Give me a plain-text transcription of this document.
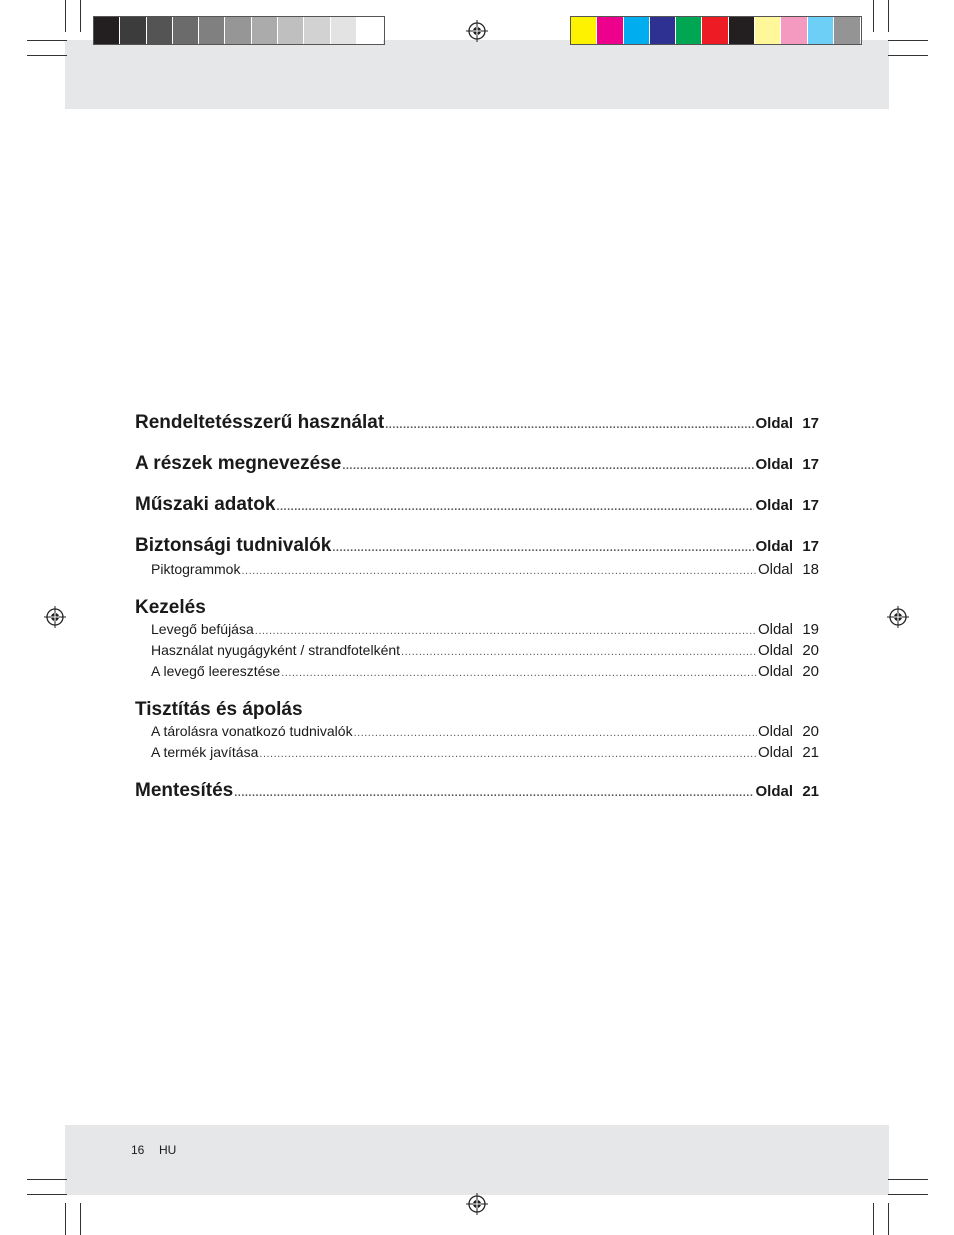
Rendeltetésszerű használat .....	Oldal 17
A részek megnevezése .....	Oldal 17
Műszaki adatok .....	Oldal 17
Biztonsági tudnivalók .....	Oldal 17
Piktogrammok .....	Oldal 18
Kezelés
Levegő befújása .....	Oldal 19
Használat nyugágyként / strandfotelként .....	Oldal 20
A levegő leeresztése .....	Oldal 20
Tisztítás és ápolás
A tárolásra vonatkozó tudnivalók .....	Oldal 20
A termék javítása .....	Oldal 21
Mentesítés .....	Oldal 21
16 HU
